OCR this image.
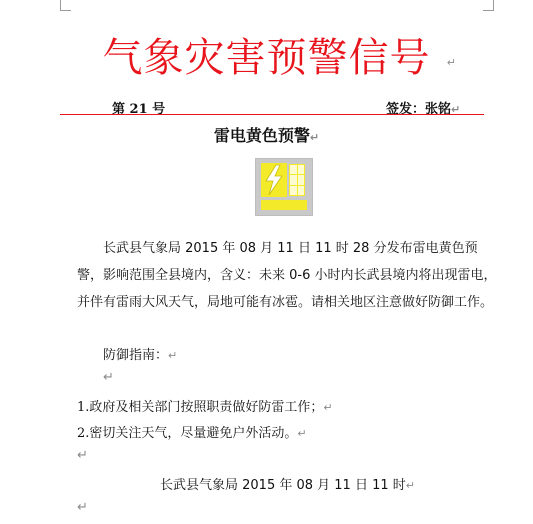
气象灾害预警信号 ↵
第 21 号	签发：张铭↵
雷电黄色预警↵
长武县气象局 2015 年 08 月 11 日 11 时 28 分发布雷电黄色预警，影响范围全县境内，含义：未来 0-6 小时内长武县境内将出现雷电，并伴有雷雨大风天气，局地可能有冰雹。请相关地区注意做好防御工作。
防御指南：↵
↵
1.政府及相关部门按照职责做好防雷工作；↵
2.密切关注天气，尽量避免户外活动。↵
↵
长武县气象局 2015 年 08 月 11 日 11 时↵
↵
